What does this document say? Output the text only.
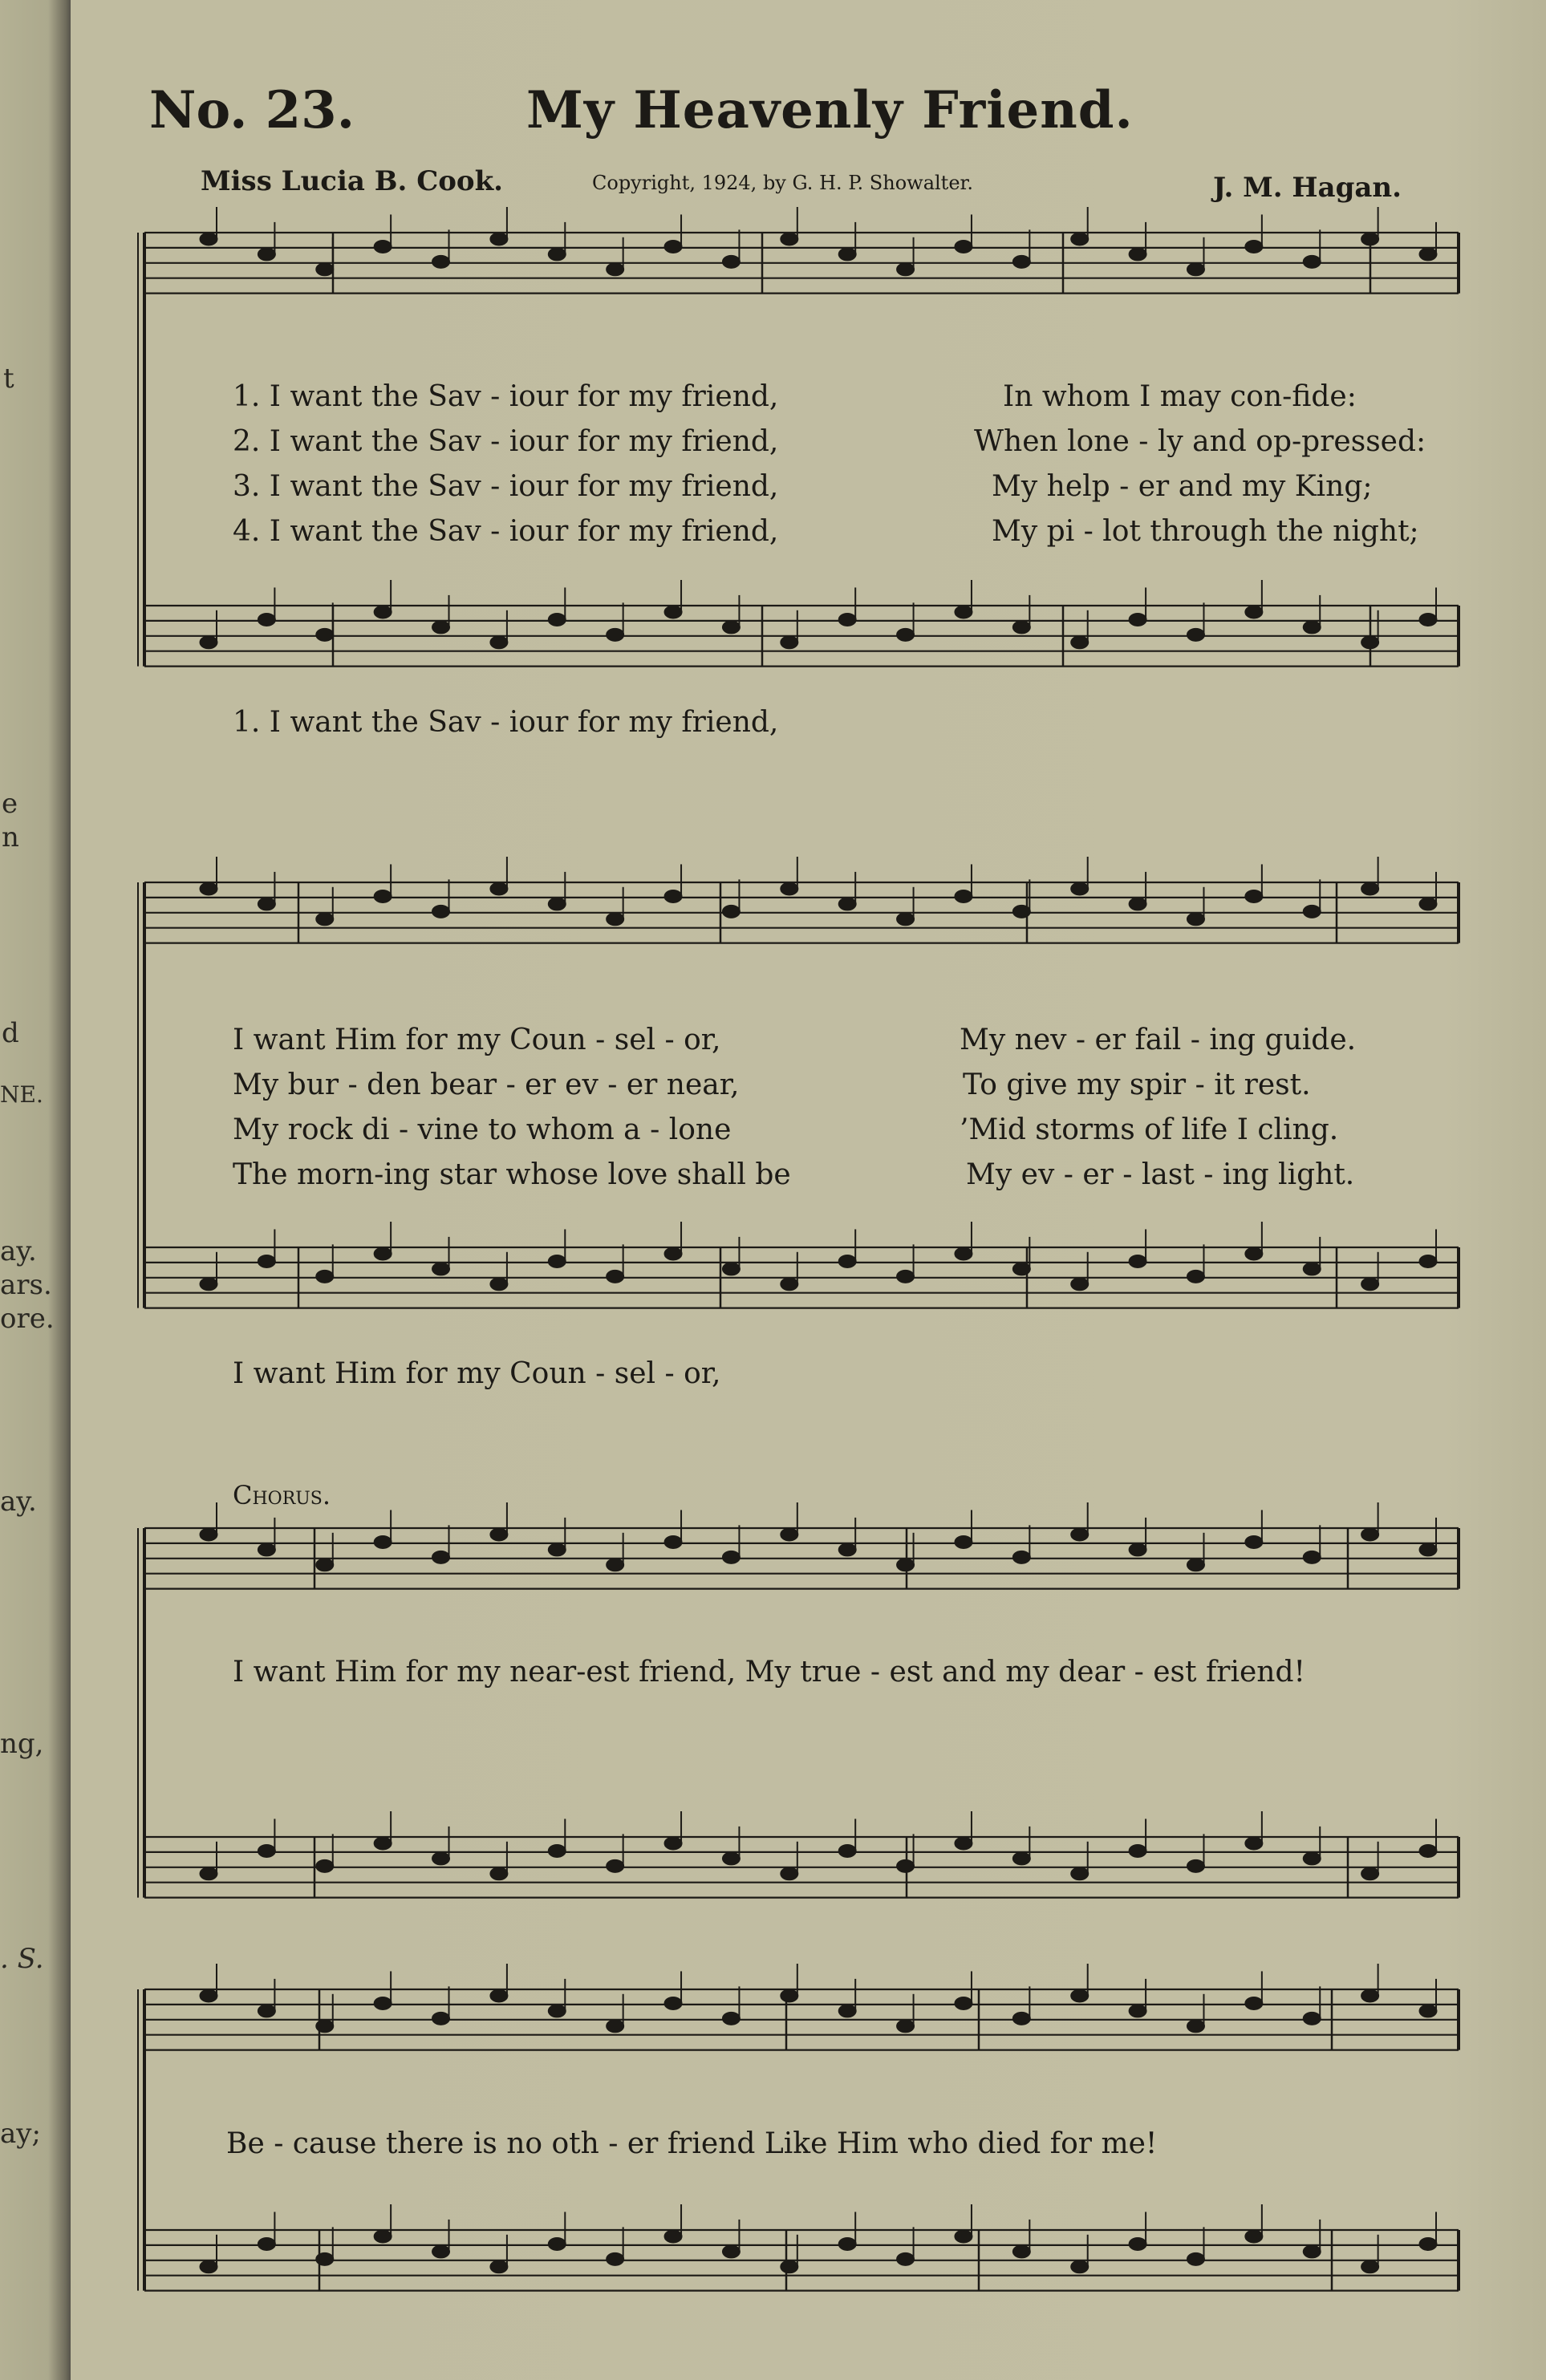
t
e
n
d
NE.
ay.
ars.
ore.
ay.
ng,
. S.
ay;
No. 23.	My Heavenly Friend.
Miss Lucia B. Cook.	Copyright, 1924, by G. H. P. Showalter.	J. M. Hagan.
1. I want the Sav - iour for my friend,	In whom I may con-fide:
2. I want the Sav - iour for my friend,	When lone - ly and op-pressed:
3. I want the Sav - iour for my friend,	My help - er and my King;
4. I want the Sav - iour for my friend,	My pi - lot through the night;
1. I want the Sav - iour for my friend,
I want Him for my Coun - sel - or,	My nev - er fail - ing guide.
My bur - den bear - er ev - er near,	To give my spir - it rest.
My rock di - vine to whom a - lone	’Mid storms of life I cling.
The morn-ing star whose love shall be	My ev - er - last - ing light.
I want Him for my Coun - sel - or,
Chorus.
I want Him for my near-est friend, My true - est and my dear - est friend!
Be - cause there is no oth - er friend Like Him who died for me!
